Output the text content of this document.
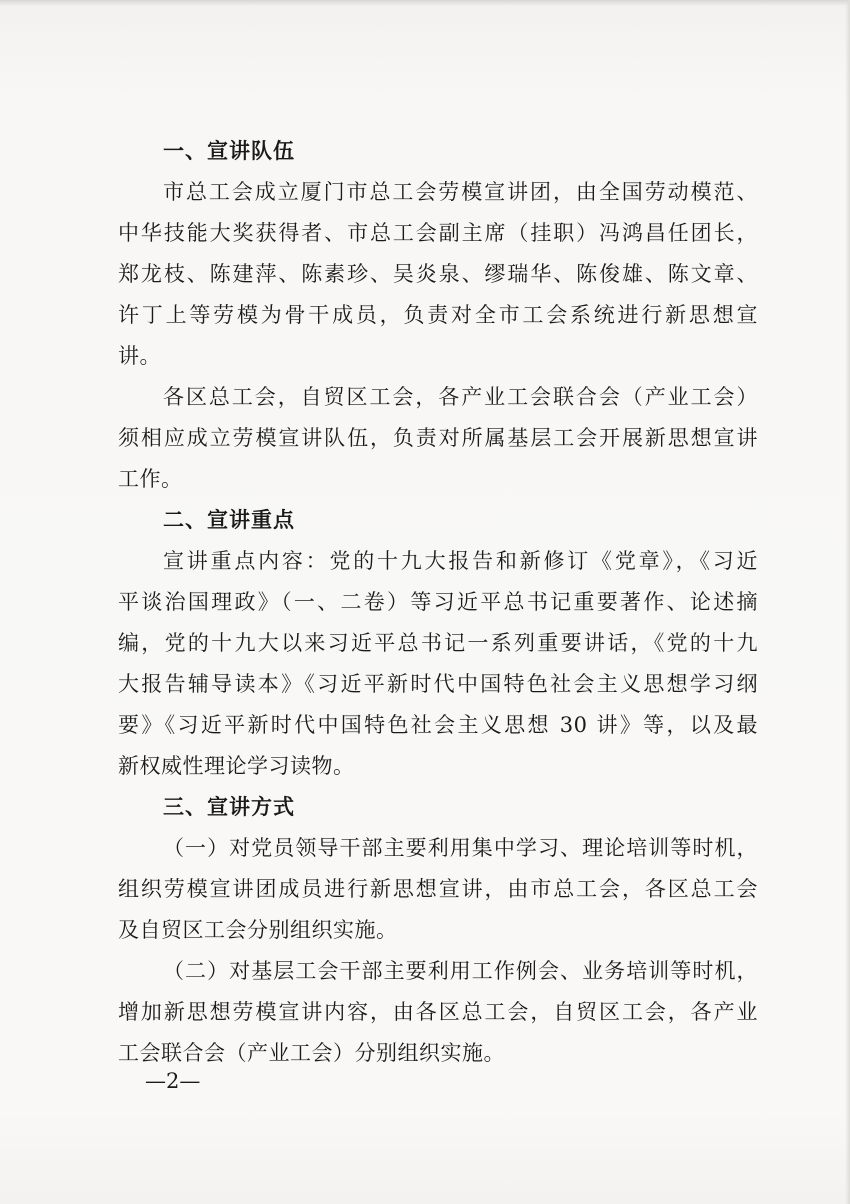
一、宣讲队伍
市总工会成立厦门市总工会劳模宣讲团，由全国劳动模范、
中华技能大奖获得者、市总工会副主席（挂职）冯鸿昌任团长，
郑龙枝、陈建萍、陈素珍、吴炎泉、缪瑞华、陈俊雄、陈文章、
许丁上等劳模为骨干成员，负责对全市工会系统进行新思想宣
讲。
各区总工会，自贸区工会，各产业工会联合会（产业工会）
须相应成立劳模宣讲队伍，负责对所属基层工会开展新思想宣讲
工作。
二、宣讲重点
宣讲重点内容：党的十九大报告和新修订《党章》，《习近
平谈治国理政》（一、二卷）等习近平总书记重要著作、论述摘
编，党的十九大以来习近平总书记一系列重要讲话，《党的十九
大报告辅导读本》《习近平新时代中国特色社会主义思想学习纲
要》《习近平新时代中国特色社会主义思想 30 讲》等，以及最
新权威性理论学习读物。
三、宣讲方式
（一）对党员领导干部主要利用集中学习、理论培训等时机，
组织劳模宣讲团成员进行新思想宣讲，由市总工会，各区总工会
及自贸区工会分别组织实施。
（二）对基层工会干部主要利用工作例会、业务培训等时机，
增加新思想劳模宣讲内容，由各区总工会，自贸区工会，各产业
工会联合会（产业工会）分别组织实施。
—2—
